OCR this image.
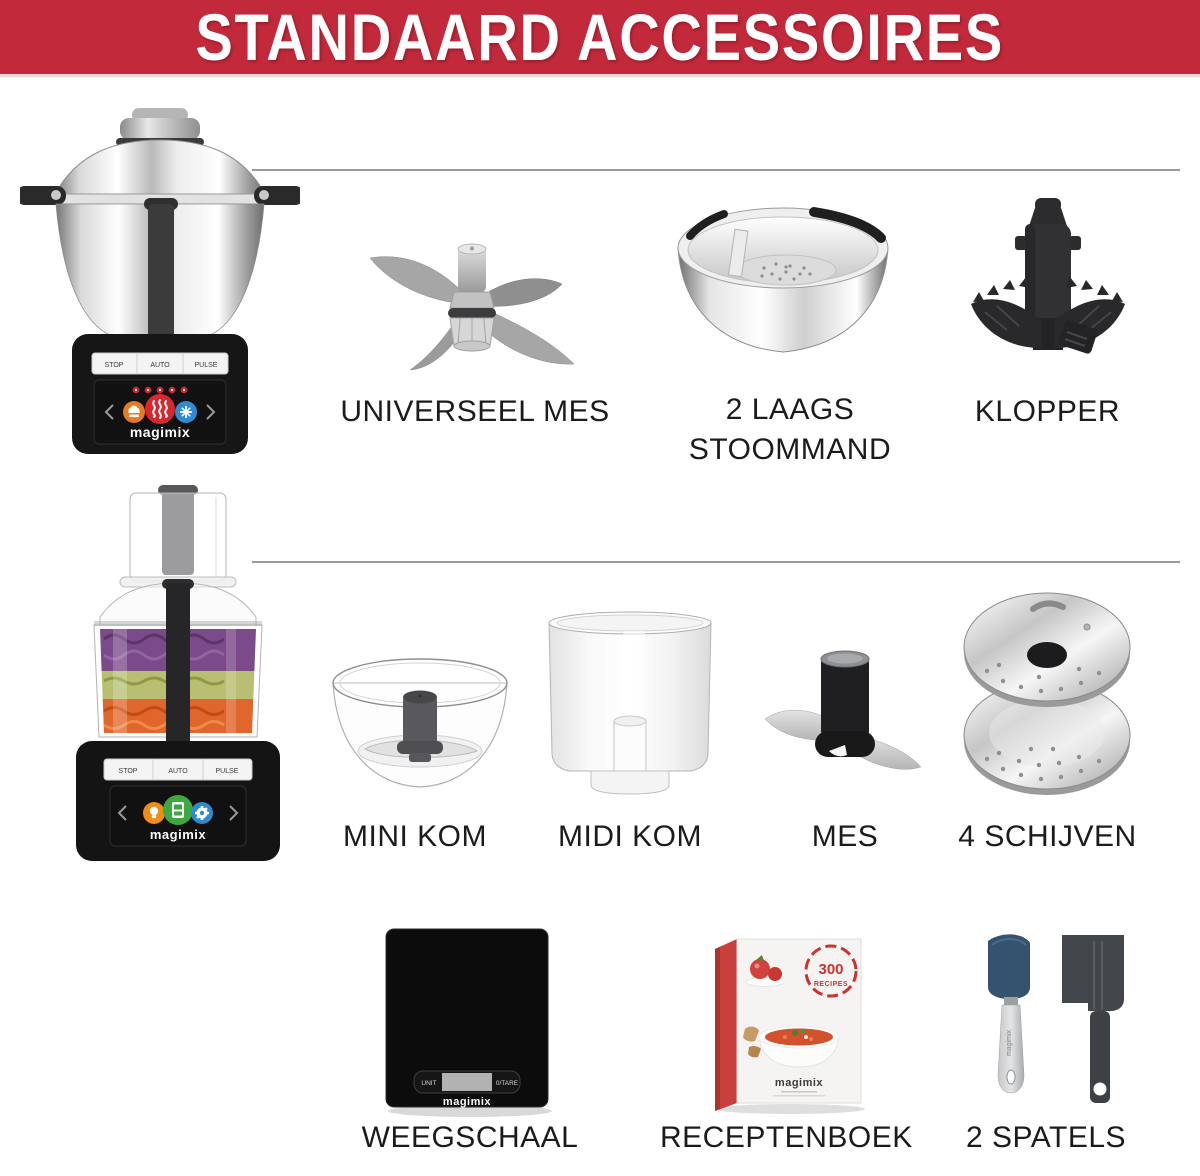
STANDAARD ACCESSOIRES
STOP	AUTO	PULSE
magimix
STOP	AUTO	PULSE
magimix
UNIT	0/TARE
magimix
300
RECIPES
magimix
magimix
UNIVERSEEL MES	2 LAAGS
STOOMMAND
KLOPPER
MINI KOM	MIDI KOM	MES	4 SCHIJVEN
WEEGSCHAAL	RECEPTENBOEK	2 SPATELS
